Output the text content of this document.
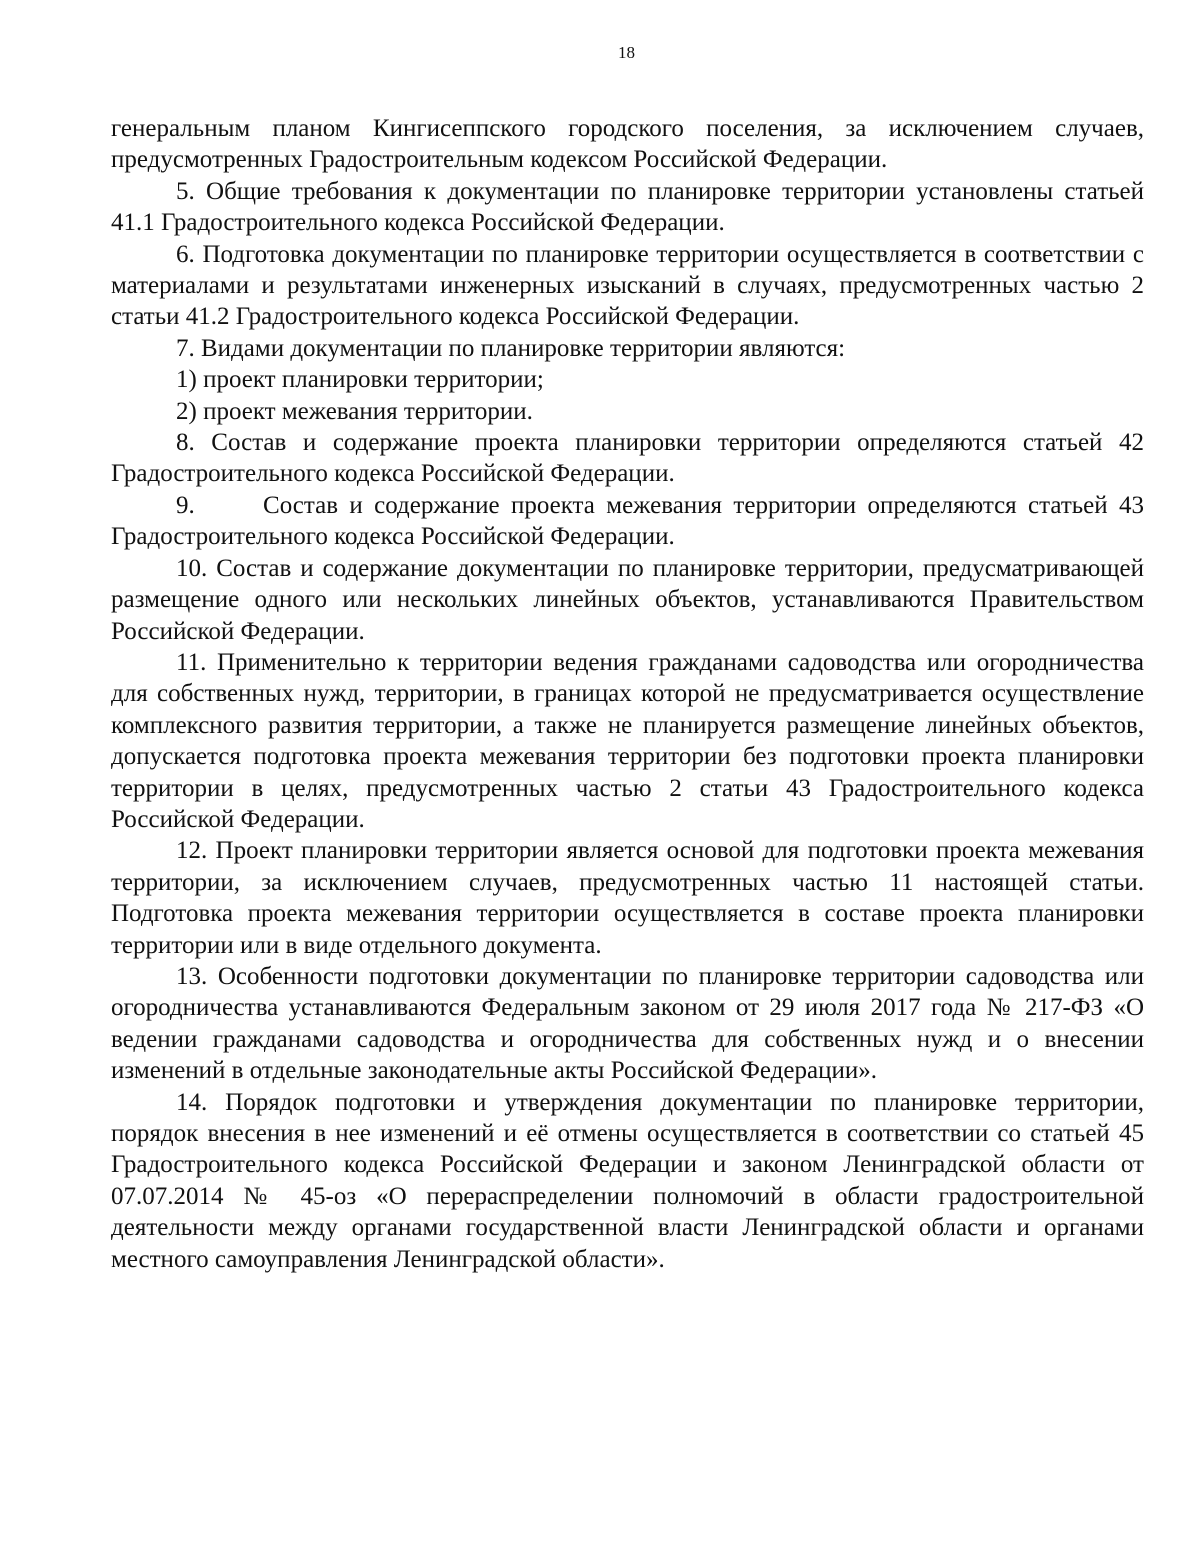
18

генеральным планом Кингисеппского городского поселения, за исключением случаев, предусмотренных Градостроительным кодексом Российской Федерации.

5. Общие требования к документации по планировке территории установлены статьей 41.1 Градостроительного кодекса Российской Федерации.

6. Подготовка документации по планировке территории осуществляется в соответствии с материалами и результатами инженерных изысканий в случаях, предусмотренных частью 2 статьи 41.2 Градостроительного кодекса Российской Федерации.

7. Видами документации по планировке территории являются:

1) проект планировки территории;

2) проект межевания территории.

8. Состав и содержание проекта планировки территории определяются статьей 42 Градостроительного кодекса Российской Федерации.

9.      Состав и содержание проекта межевания территории определяются статьей 43 Градостроительного кодекса Российской Федерации.

10. Состав и содержание документации по планировке территории, предусматривающей размещение одного или нескольких линейных объектов, устанавливаются Правительством Российской Федерации.

11. Применительно к территории ведения гражданами садоводства или огородничества для собственных нужд, территории, в границах которой не предусматривается осуществление комплексного развития территории, а также не планируется размещение линейных объектов, допускается подготовка проекта межевания территории без подготовки проекта планировки территории в целях, предусмотренных частью 2 статьи 43 Градостроительного кодекса Российской Федерации.

12. Проект планировки территории является основой для подготовки проекта межевания территории, за исключением случаев, предусмотренных частью 11 настоящей статьи. Подготовка проекта межевания территории осуществляется в составе проекта планировки территории или в виде отдельного документа.

13. Особенности подготовки документации по планировке территории садоводства или огородничества устанавливаются Федеральным законом от 29 июля 2017 года № 217-ФЗ «О ведении гражданами садоводства и огородничества для собственных нужд и о внесении изменений в отдельные законодательные акты Российской Федерации».

14. Порядок подготовки и утверждения документации по планировке территории, порядок внесения в нее изменений и её отмены осуществляется в соответствии со статьей 45 Градостроительного кодекса Российской Федерации и законом Ленинградской области от 07.07.2014 № 45-оз «О перераспределении полномочий в области градостроительной деятельности между органами государственной власти Ленинградской области и органами местного самоуправления Ленинградской области».
